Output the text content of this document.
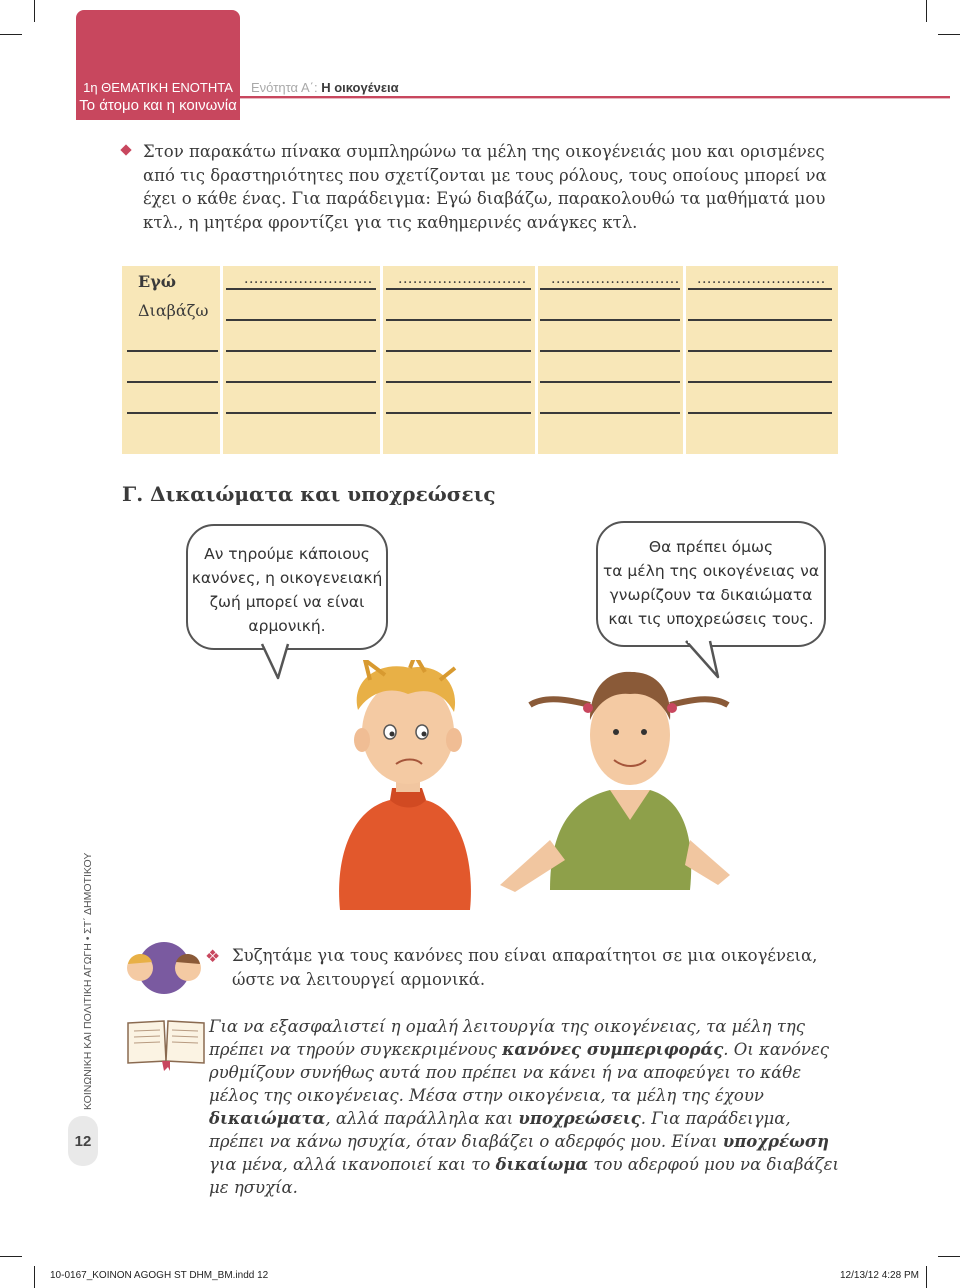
1η ΘΕΜΑΤΙΚΗ ΕΝΟΤΗΤΑ
Το άτομο και η κοινωνία
Ενότητα Α΄: Η οικογένεια
Στον παρακάτω πίνακα συμπληρώνω τα μέλη της οικογένειάς μου και ορισμένες από τις δραστηριότητες που σχετίζονται με τους ρόλους, τους οποίους μπορεί να έχει ο κάθε ένας. Για παράδειγμα: Εγώ διαβάζω, παρακολουθώ τα μαθήματά μου κτλ., η μητέρα φροντίζει για τις καθημερινές ανάγκες κτλ.
Εγώ	.......................... .......................... .......................... ..........................
Διαβάζω
Γ. Δικαιώματα και υποχρεώσεις
Αν τηρούμε κάποιους
κανόνες, η οικογενειακή
ζωή μπορεί να είναι
αρμονική.
Θα πρέπει όμως
τα μέλη της οικογένειας να
γνωρίζουν τα δικαιώματα
και τις υποχρεώσεις τους.
❖ Συζητάμε για τους κανόνες που είναι απαραίτητοι σε μια οικογένεια, ώστε να λειτουργεί αρμονικά.
Για να εξασφαλιστεί η ομαλή λειτουργία της οικογένειας, τα μέλη της πρέπει να τηρούν συγκεκριμένους κανόνες συμπεριφοράς. Οι κανόνες ρυθμίζουν συνήθως αυτά που πρέπει να κάνει ή να αποφεύγει το κάθε μέλος της οικογένειας. Μέσα στην οικογένεια, τα μέλη της έχουν δικαιώματα, αλλά παράλληλα και υποχρεώσεις. Για παράδειγμα, πρέπει να κάνω ησυχία, όταν διαβάζει ο αδερφός μου. Είναι υποχρέωση για μένα, αλλά ικανοποιεί και το δικαίωμα του αδερφού μου να διαβάζει με ησυχία.
ΚΟΙΝΩΝΙΚΗ ΚΑΙ ΠΟΛΙΤΙΚΗ ΑΓΩΓΗ • ΣΤ΄ ΔΗΜΟΤΙΚΟΥ
12
10-0167_KOINON AGOGH ST DHM_BM.indd 12	12/13/12 4:28 PM
